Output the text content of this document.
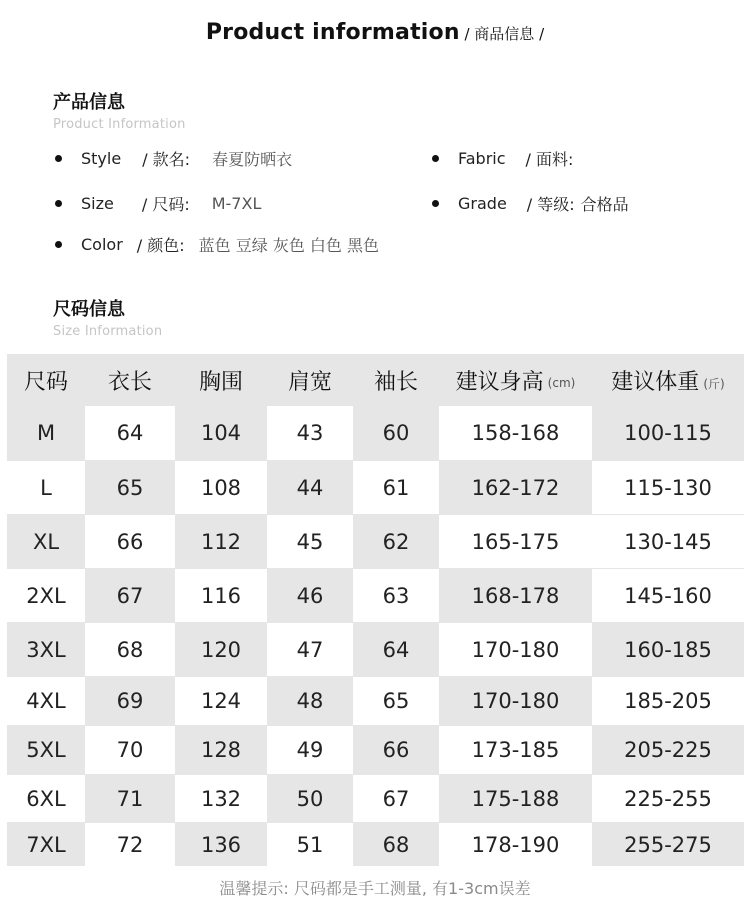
Product information / 商品信息 /
产品信息
Product Information
Style / 款名: 春夏防晒衣	Fabric / 面料:
Size / 尺码: M-7XL	Grade / 等级: 合格品
Color / 颜色: 蓝色 豆绿 灰色 白色 黑色
尺码信息
Size Information
尺码 衣长 胸围 肩宽 袖长 建议身高 (cm) 建议体重 (斤)
M	64	104	43	60	158-168	100-115
L	65	108	44	61	162-172	115-130
XL	66	112	45	62	165-175	130-145
2XL	67	116	46	63	168-178	145-160
3XL	68	120	47	64	170-180	160-185
4XL	69	124	48	65	170-180	185-205
5XL	70	128	49	66	173-185	205-225
6XL	71	132	50	67	175-188	225-255
7XL	72	136	51	68	178-190	255-275
温馨提示: 尺码都是手工测量, 有1-3cm误差
